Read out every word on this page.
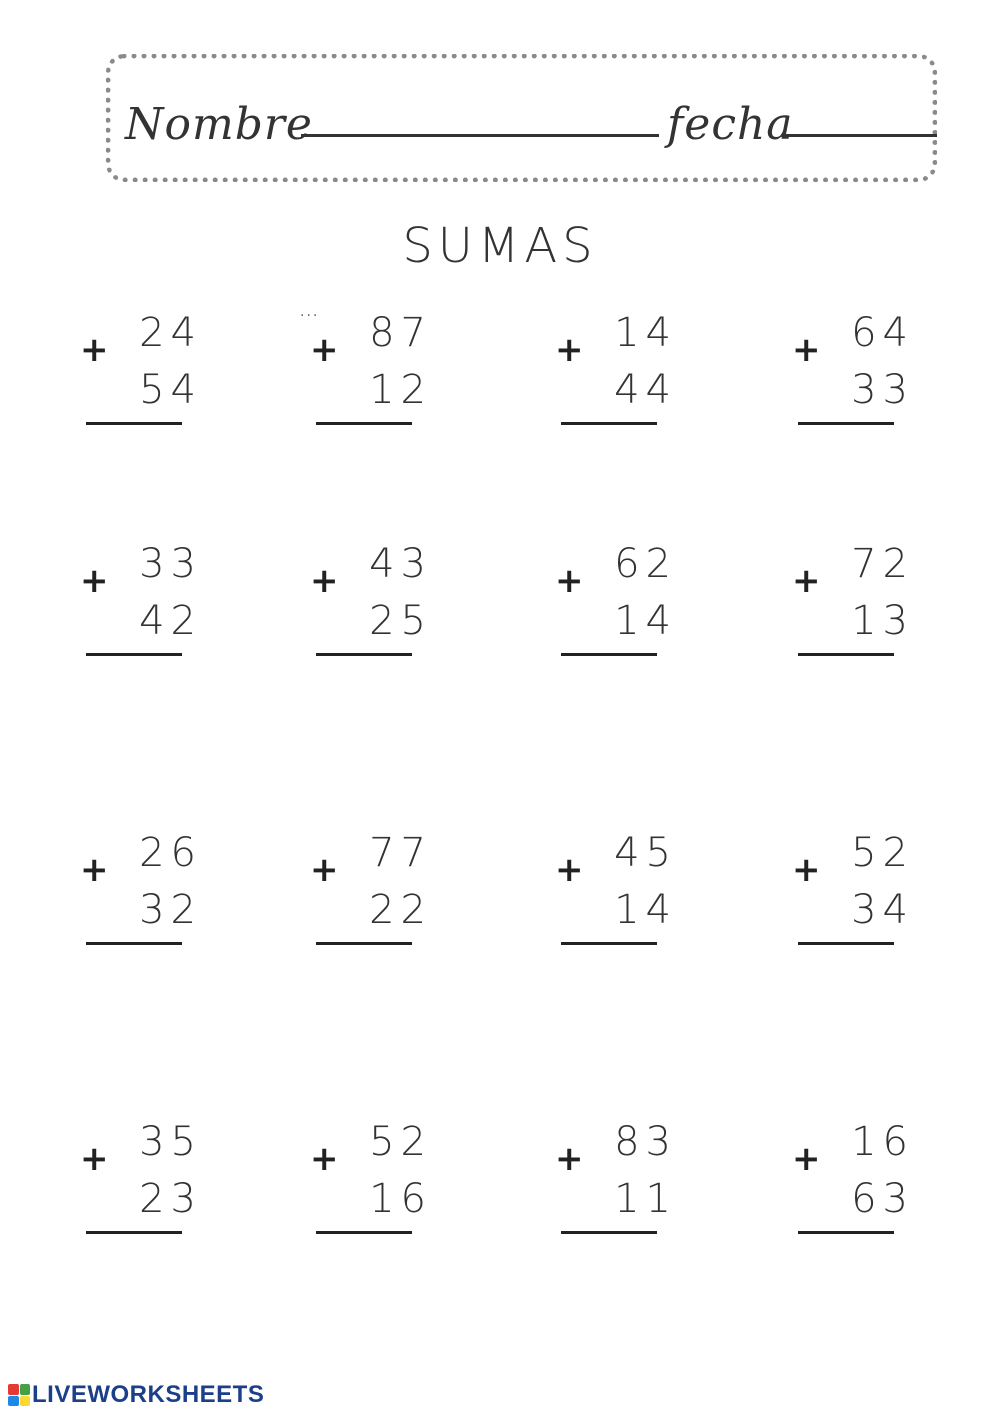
Nombre	fecha
SUMAS
+ 24
54
...
+ 87
12
+ 14
44
+ 64
33
+ 33
42
+ 43
25
+ 62
14
+ 72
13
+ 26
32
+ 77
22
+ 45
14
+ 52
34
+ 35
23
+ 52
16
+ 83
11
+ 16
63
LIVEWORKSHEETS
